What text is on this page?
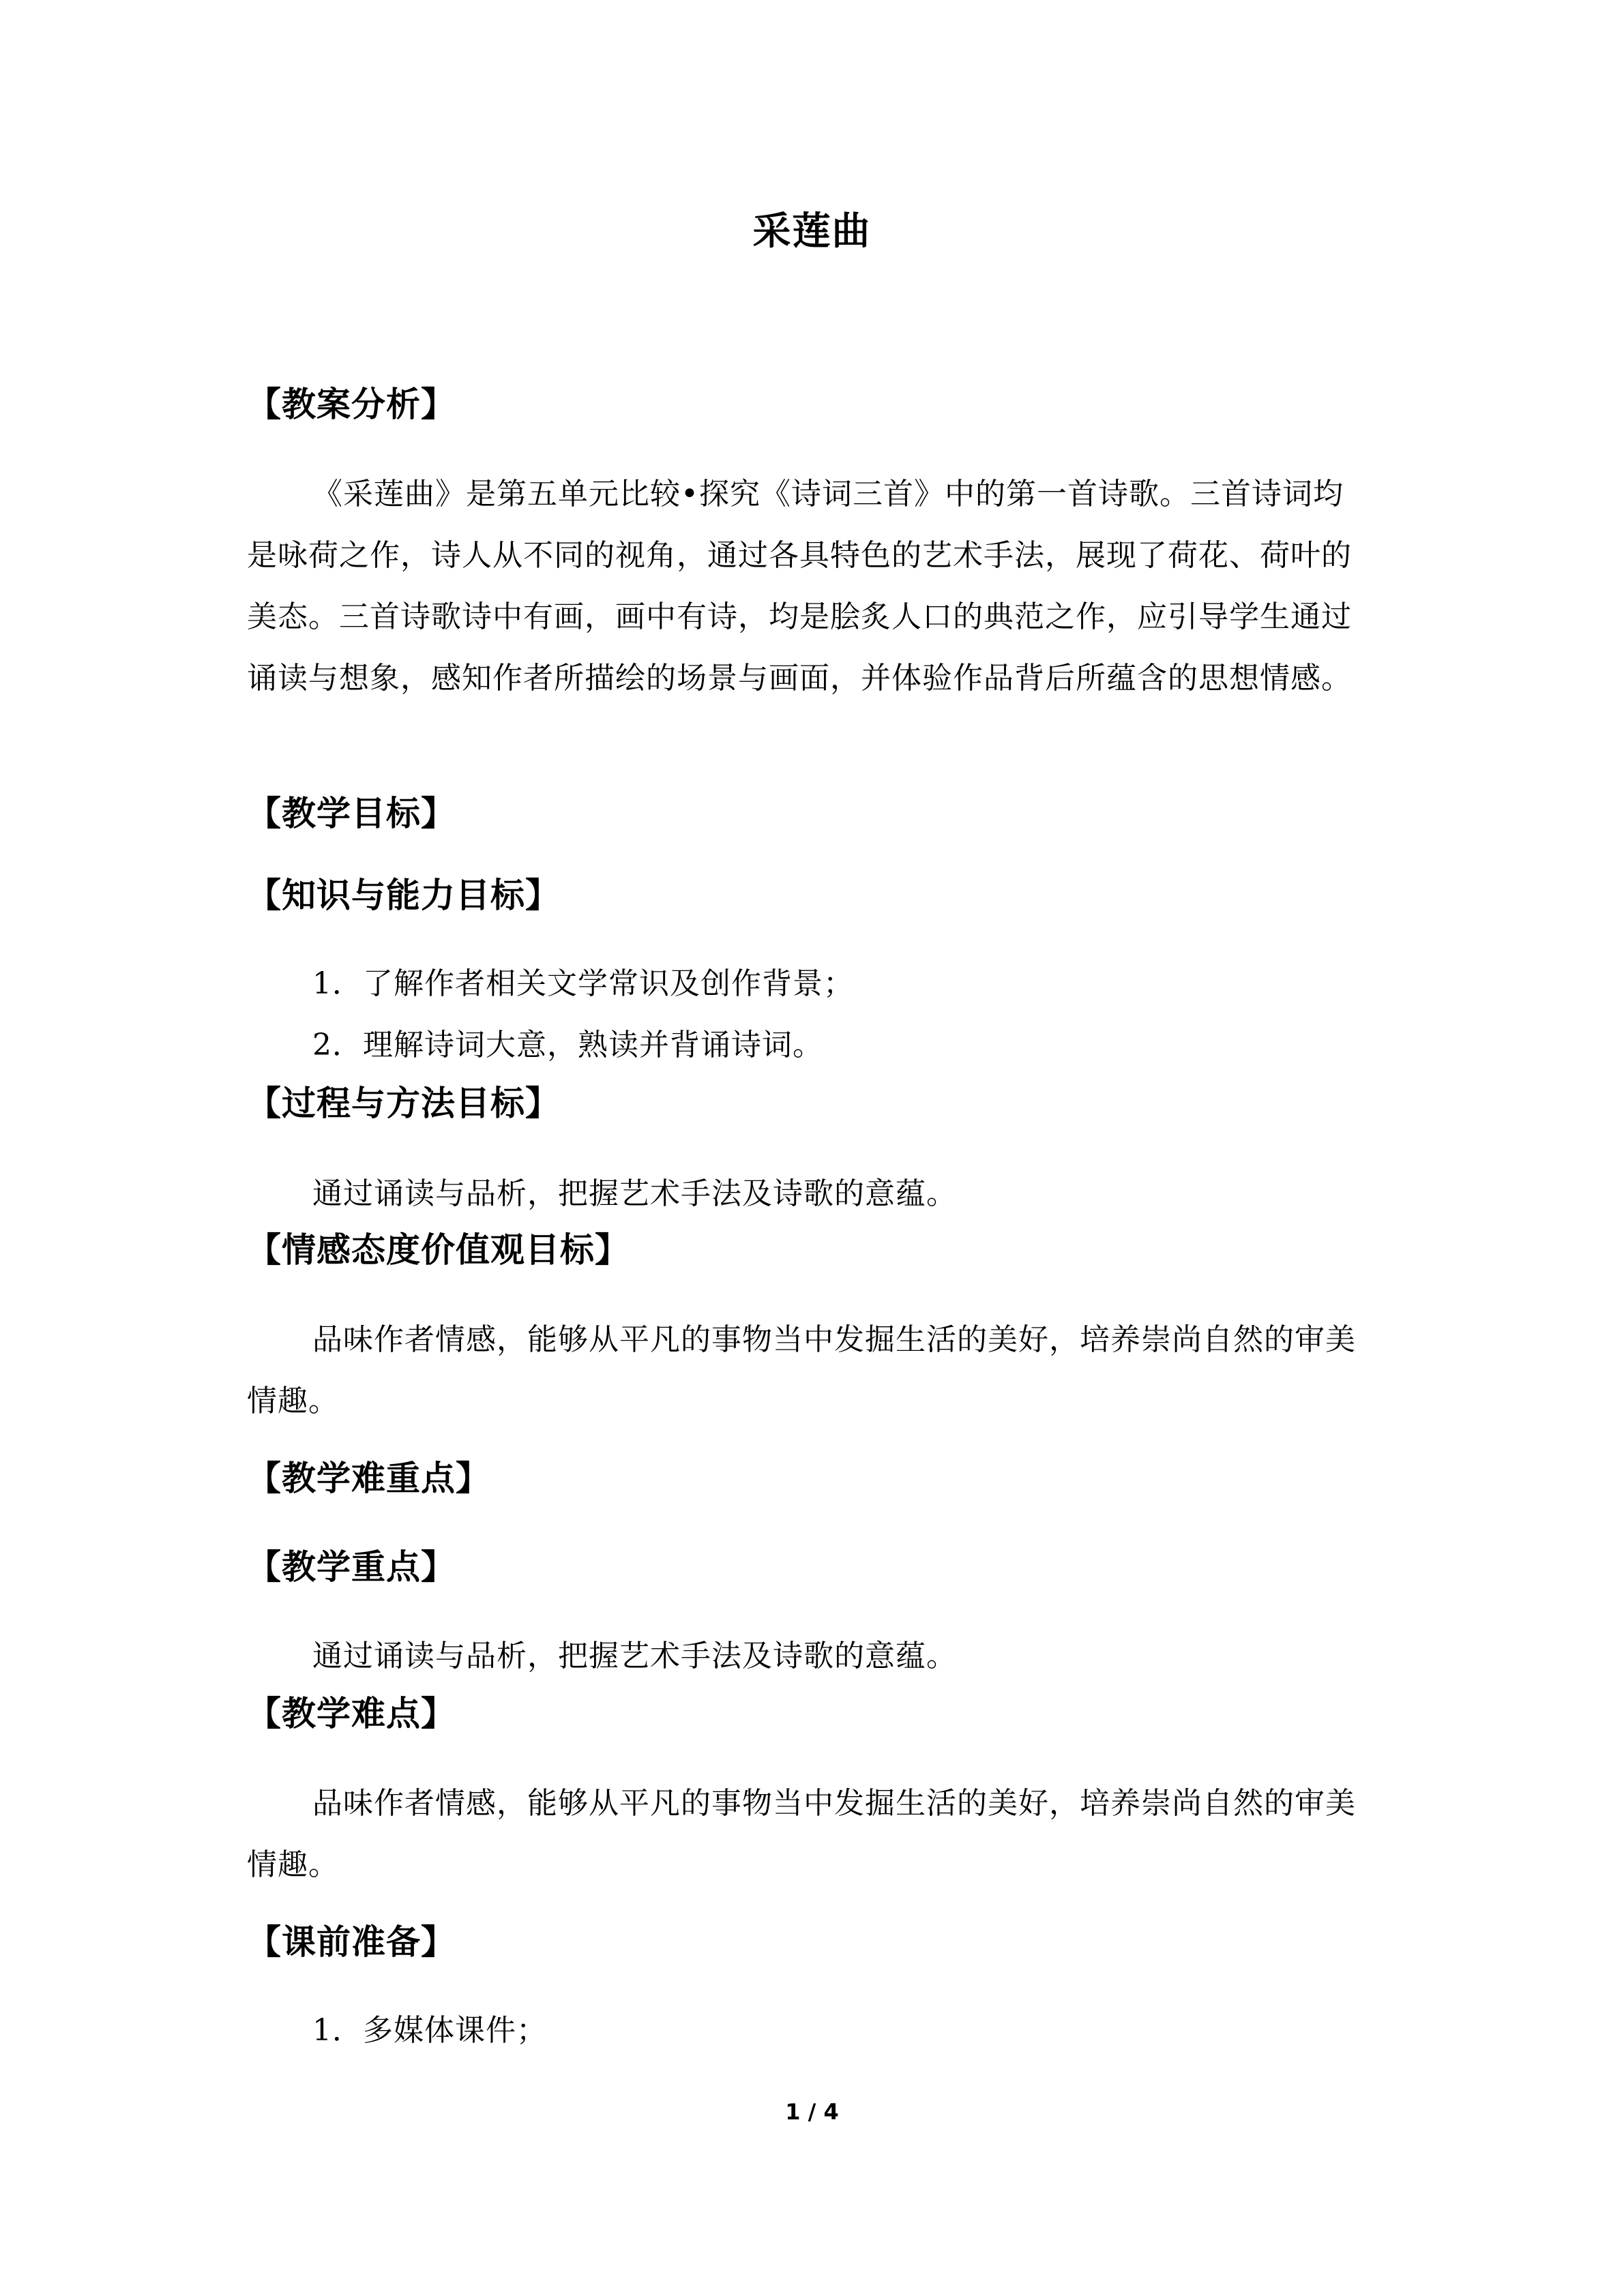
采莲曲
【教案分析】
《采莲曲》是第五单元比较•探究《诗词三首》中的第一首诗歌。三首诗词均是咏荷之作，诗人从不同的视角，通过各具特色的艺术手法，展现了荷花、荷叶的美态。三首诗歌诗中有画，画中有诗，均是脍炙人口的典范之作，应引导学生通过诵读与想象，感知作者所描绘的场景与画面，并体验作品背后所蕴含的思想情感。
【教学目标】
【知识与能力目标】
1．了解作者相关文学常识及创作背景；
2．理解诗词大意，熟读并背诵诗词。
【过程与方法目标】
通过诵读与品析，把握艺术手法及诗歌的意蕴。
【情感态度价值观目标】
品味作者情感，能够从平凡的事物当中发掘生活的美好，培养崇尚自然的审美情趣。
【教学难重点】
【教学重点】
通过诵读与品析，把握艺术手法及诗歌的意蕴。
【教学难点】
品味作者情感，能够从平凡的事物当中发掘生活的美好，培养崇尚自然的审美情趣。
【课前准备】
1．多媒体课件；
1 / 4
